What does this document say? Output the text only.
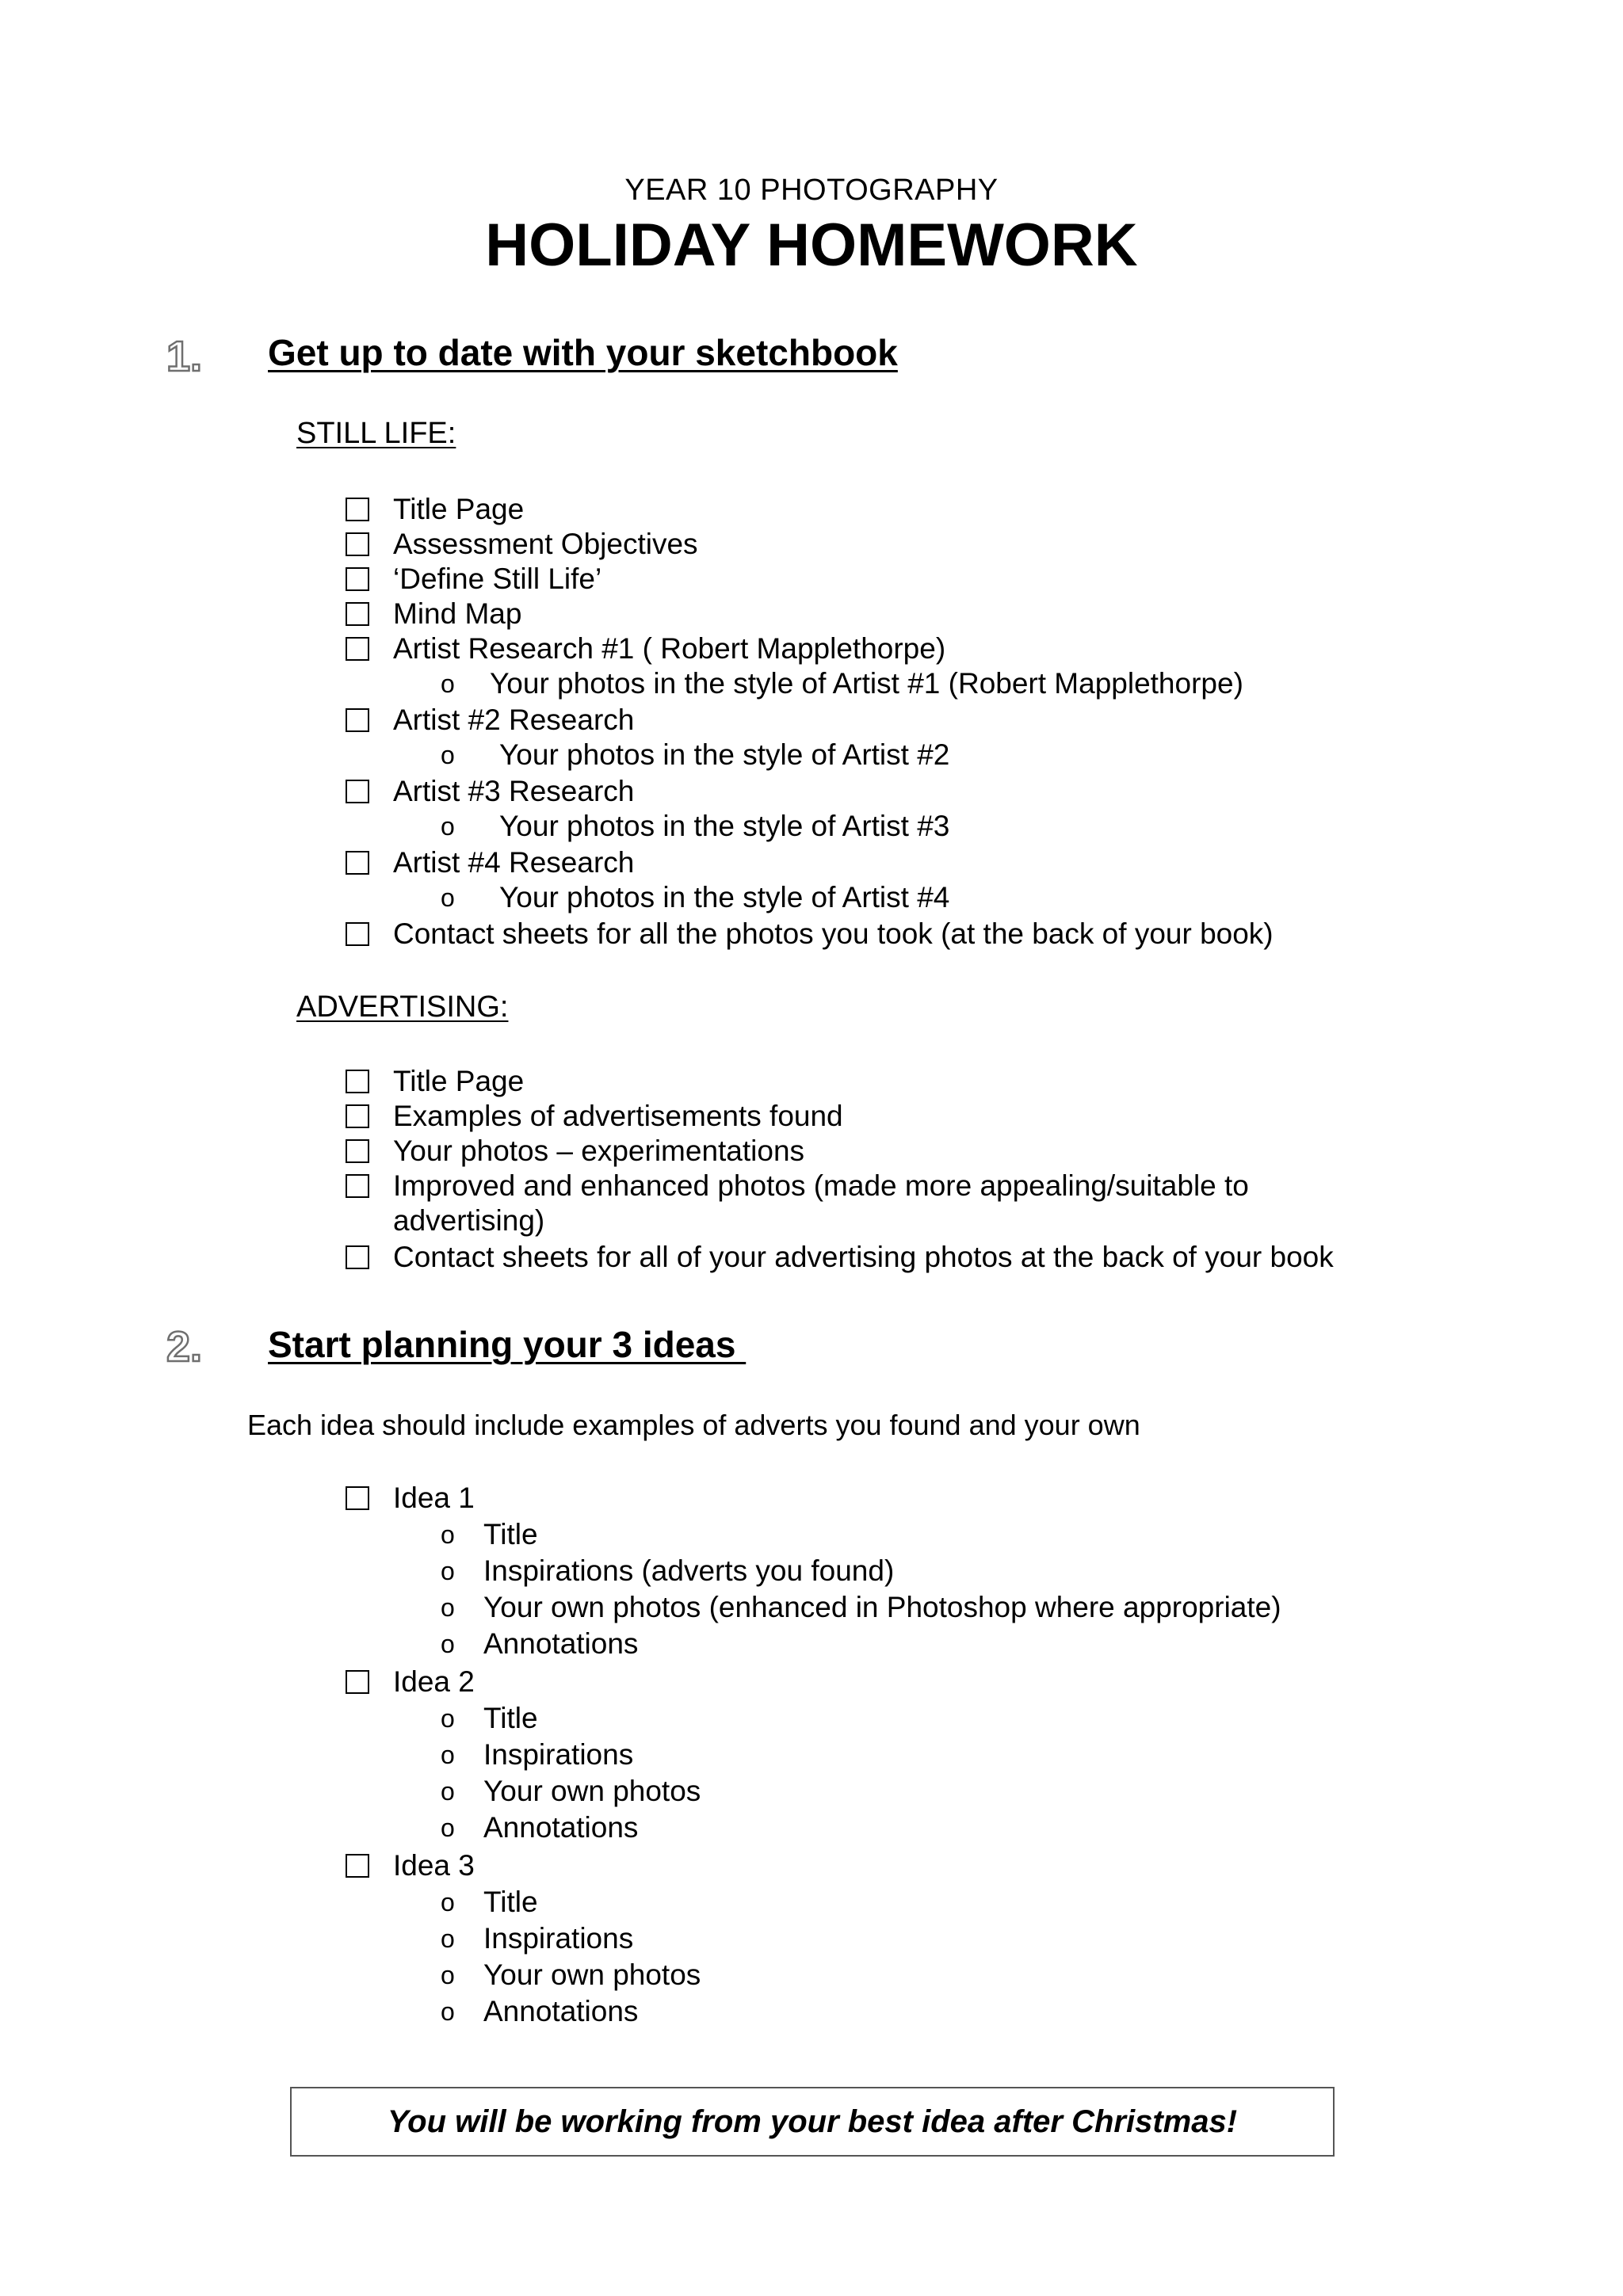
YEAR 10 PHOTOGRAPHY
HOLIDAY HOMEWORK
1. Get up to date with your sketchbook
STILL LIFE:
Title Page
Assessment Objectives
‘Define Still Life’
Mind Map
Artist Research #1 ( Robert Mapplethorpe)
o	Your photos in the style of Artist #1 (Robert Mapplethorpe)
Artist #2 Research
o	Your photos in the style of Artist #2
Artist #3 Research
o	Your photos in the style of Artist #3
Artist #4 Research
o	Your photos in the style of Artist #4
Contact sheets for all the photos you took (at the back of your book)
ADVERTISING:
Title Page
Examples of advertisements found
Your photos – experimentations
Improved and enhanced photos (made more appealing/suitable to
advertising)
Contact sheets for all of your advertising photos at the back of your book
2. Start planning your 3 ideas
Each idea should include examples of adverts you found and your own
Idea 1
o Title
o Inspirations (adverts you found)
o Your own photos (enhanced in Photoshop where appropriate)
o Annotations
Idea 2
o Title
o Inspirations
o Your own photos
o Annotations
Idea 3
o Title
o Inspirations
o Your own photos
o Annotations
You will be working from your best idea after Christmas!
